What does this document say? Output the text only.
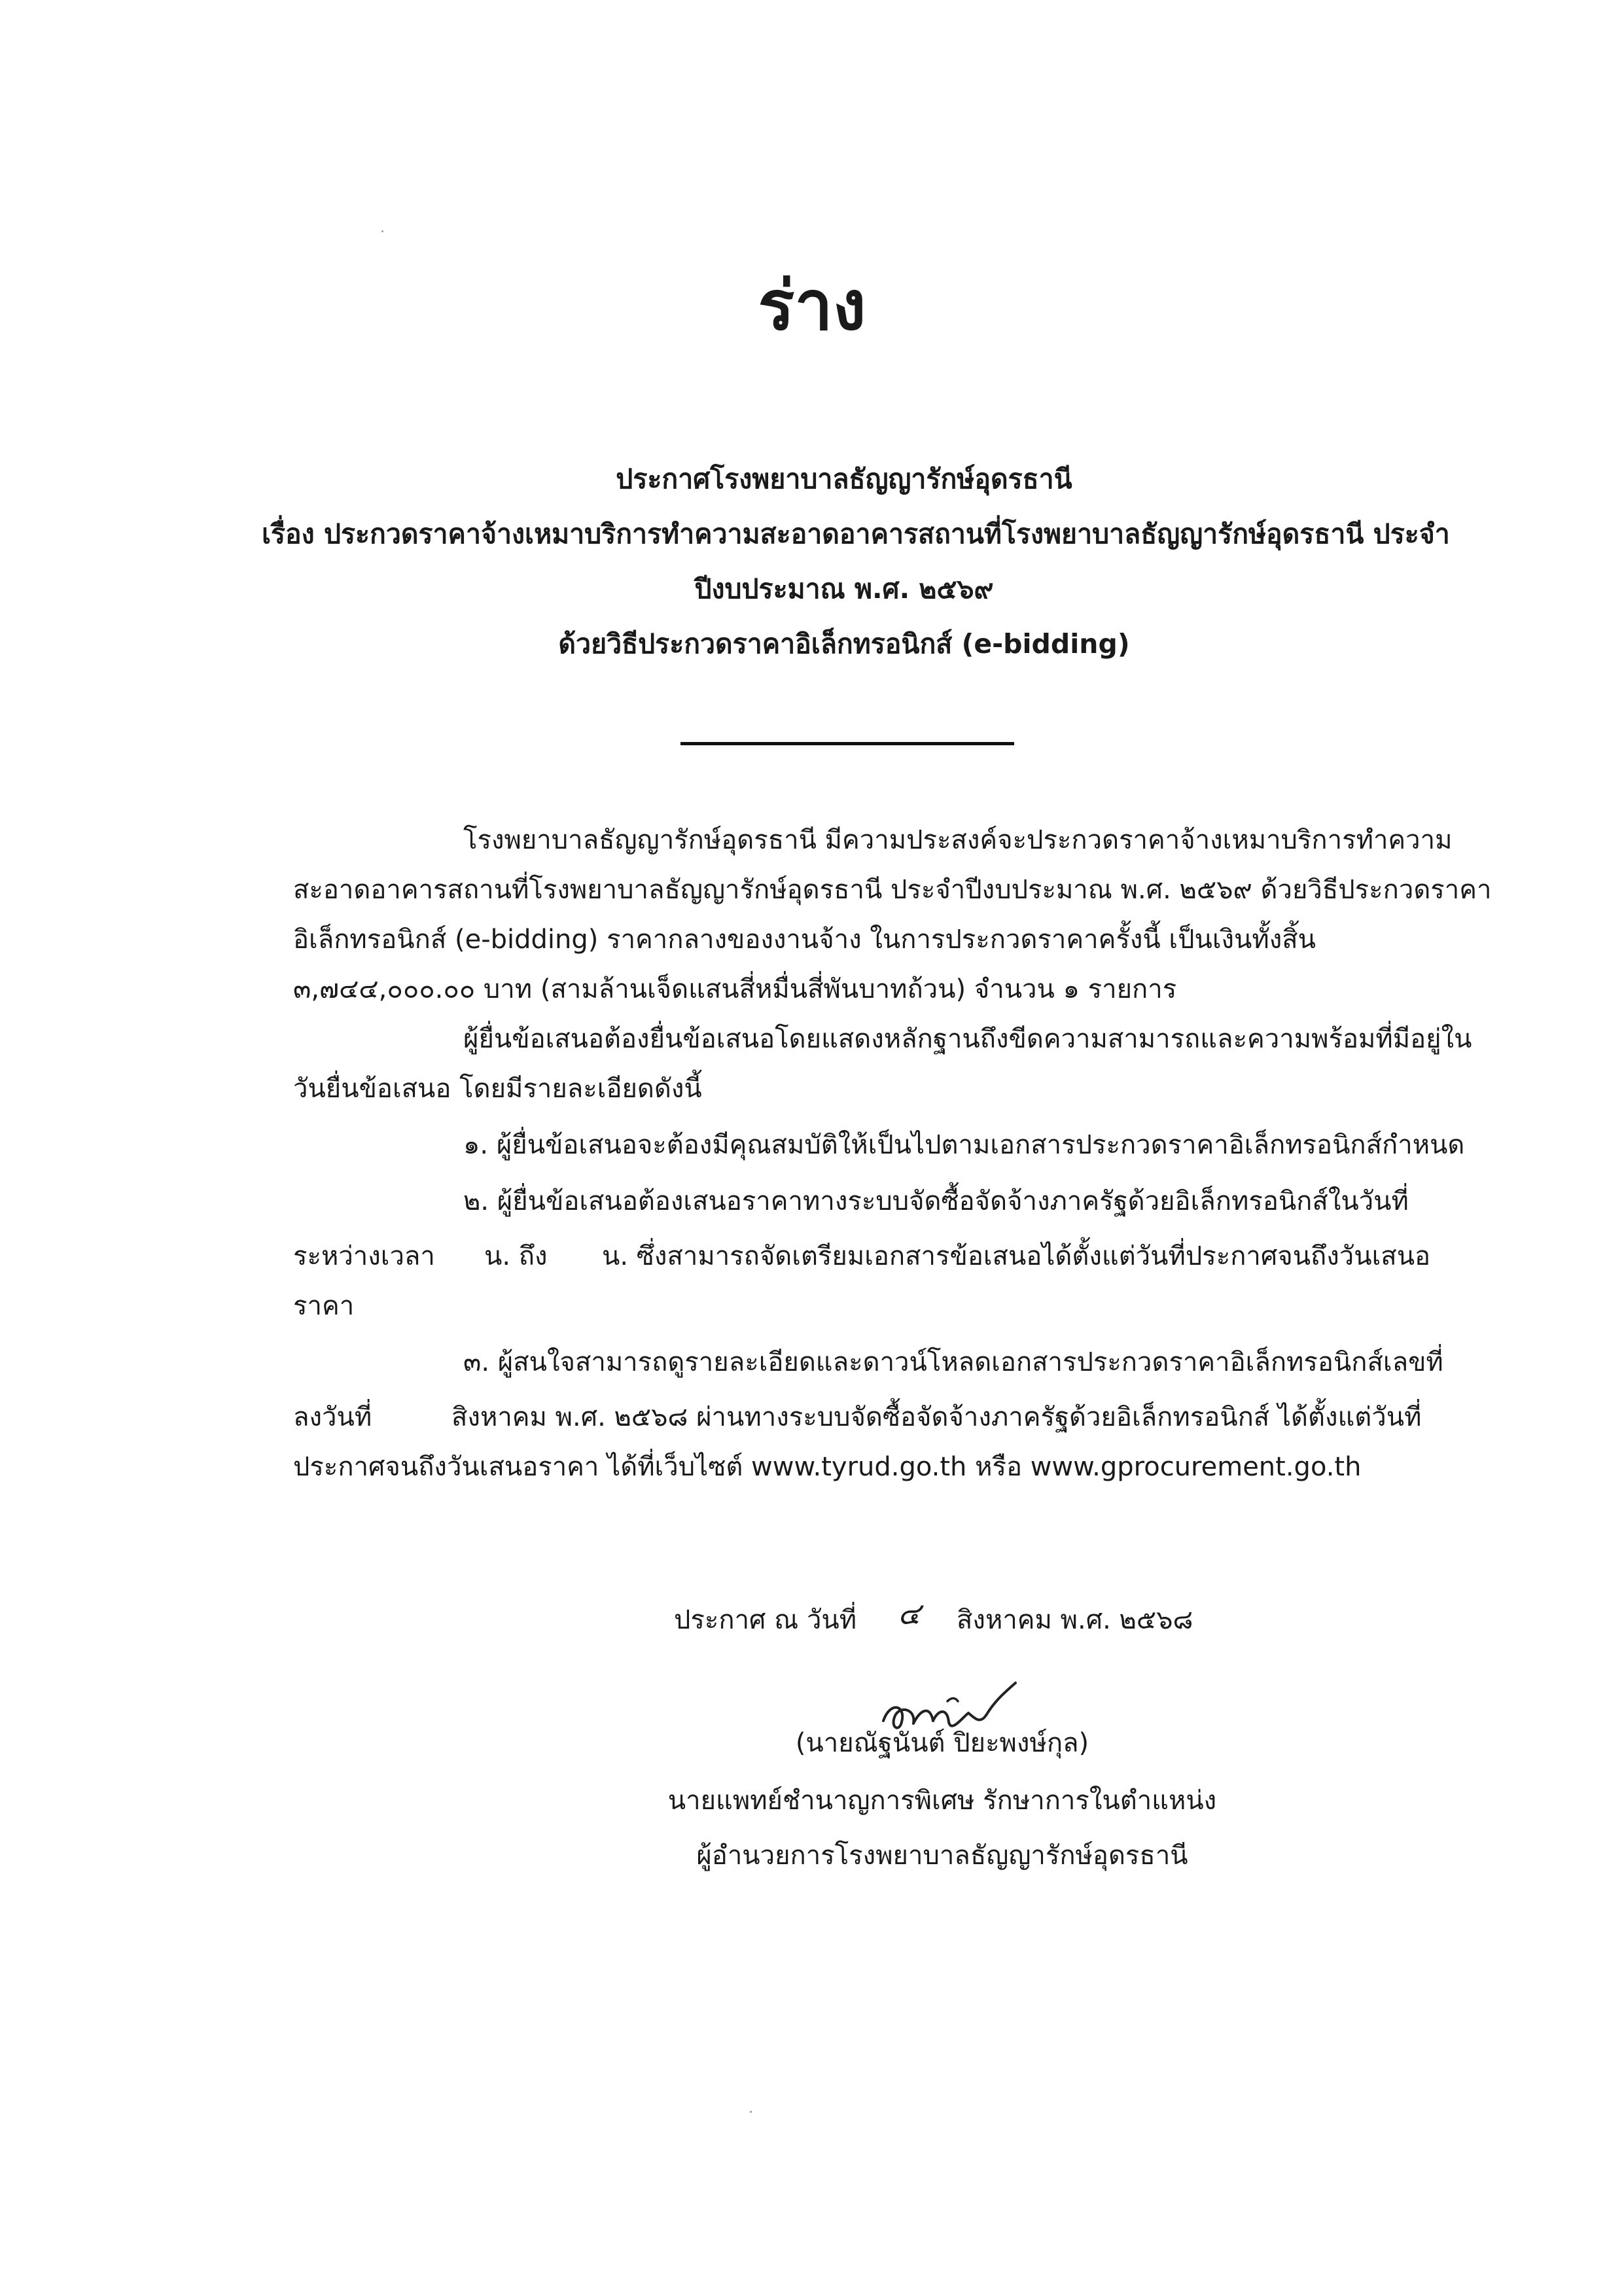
ร่าง
ประกาศโรงพยาบาลธัญญารักษ์อุดรธานี
เรื่อง ประกวดราคาจ้างเหมาบริการทำความสะอาดอาคารสถานที่โรงพยาบาลธัญญารักษ์อุดรธานี ประจำ
ปีงบประมาณ พ.ศ. ๒๕๖๙
ด้วยวิธีประกวดราคาอิเล็กทรอนิกส์ (e-bidding)
โรงพยาบาลธัญญารักษ์อุดรธานี มีความประสงค์จะประกวดราคาจ้างเหมาบริการทำความ
สะอาดอาคารสถานที่โรงพยาบาลธัญญารักษ์อุดรธานี ประจำปีงบประมาณ พ.ศ. ๒๕๖๙ ด้วยวิธีประกวดราคา
อิเล็กทรอนิกส์ (e-bidding) ราคากลางของงานจ้าง ในการประกวดราคาครั้งนี้ เป็นเงินทั้งสิ้น
๓,๗๔๔,๐๐๐.๐๐ บาท (สามล้านเจ็ดแสนสี่หมื่นสี่พันบาทถ้วน) จำนวน ๑ รายการ
ผู้ยื่นข้อเสนอต้องยื่นข้อเสนอโดยแสดงหลักฐานถึงขีดความสามารถและความพร้อมที่มีอยู่ใน
วันยื่นข้อเสนอ โดยมีรายละเอียดดังนี้
๑. ผู้ยื่นข้อเสนอจะต้องมีคุณสมบัติให้เป็นไปตามเอกสารประกวดราคาอิเล็กทรอนิกส์กำหนด
๒. ผู้ยื่นข้อเสนอต้องเสนอราคาทางระบบจัดซื้อจัดจ้างภาครัฐด้วยอิเล็กทรอนิกส์ในวันที่
ระหว่างเวลา น. ถึง น. ซึ่งสามารถจัดเตรียมเอกสารข้อเสนอได้ตั้งแต่วันที่ประกาศจนถึงวันเสนอ
ราคา
๓. ผู้สนใจสามารถดูรายละเอียดและดาวน์โหลดเอกสารประกวดราคาอิเล็กทรอนิกส์เลขที่
ลงวันที่	สิงหาคม พ.ศ. ๒๕๖๘ ผ่านทางระบบจัดซื้อจัดจ้างภาครัฐด้วยอิเล็กทรอนิกส์ ได้ตั้งแต่วันที่
ประกาศจนถึงวันเสนอราคา ได้ที่เว็บไซต์ www.tyrud.go.th หรือ www.gprocurement.go.th
ประกาศ ณ วันที่ ๔ สิงหาคม พ.ศ. ๒๕๖๘
(นายณัฐนันต์ ปิยะพงษ์กุล)
นายแพทย์ชำนาญการพิเศษ รักษาการในตำแหน่ง
ผู้อำนวยการโรงพยาบาลธัญญารักษ์อุดรธานี
